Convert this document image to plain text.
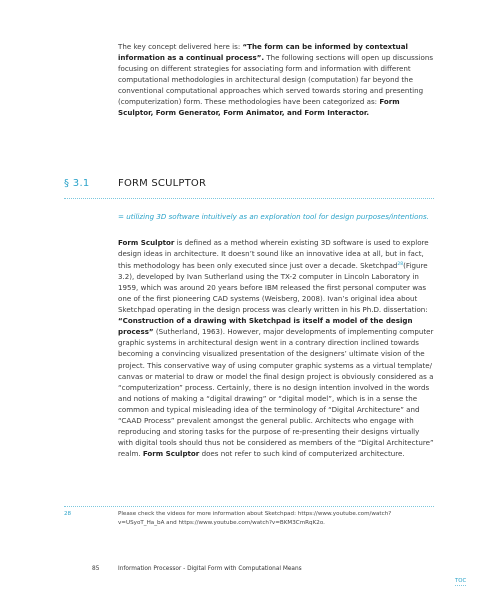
The key concept delivered here is: “The form can be informed by contextual information as a continual process”. The following sections will open up discussions focusing on different strategies for associating form and information with different computational methodologies in architectural design (computation) far beyond the conventional computational approaches which served towards storing and presenting (computerization) form. These methodologies have been categorized as: Form Sculptor, Form Generator, Form Animator, and Form Interactor.

§ 3.1	FORM SCULPTOR
= utilizing 3D software intuitively as an exploration tool for design purposes/intentions.

Form Sculptor is defined as a method wherein existing 3D software is used to explore design ideas in architecture. It doesn’t sound like an innovative idea at all, but in fact, this methodology has been only executed since just over a decade. Sketchpad$^{28}$(Figure 3.2), developed by Ivan Sutherland using the TX-2 computer in Lincoln Laboratory in 1959, which was around 20 years before IBM released the first personal computer was one of the first pioneering CAD systems (Weisberg, 2008). Ivan’s original idea about Sketchpad operating in the design process was clearly written in his Ph.D. dissertation: “Construction of a drawing with Sketchpad is itself a model of the design process” (Sutherland, 1963). However, major developments of implementing computer graphic systems in architectural design went in a contrary direction inclined towards becoming a convincing visualized presentation of the designers’ ultimate vision of the project. This conservative way of using computer graphic systems as a virtual template/ canvas or material to draw or model the final design project is obviously considered as a “computerization” process. Certainly, there is no design intention involved in the words and notions of making a “digital drawing” or “digital model”, which is in a sense the common and typical misleading idea of the terminology of “Digital Architecture” and “CAAD Process” prevalent amongst the general public. Architects who engage with reproducing and storing tasks for the purpose of re-presenting their designs virtually with digital tools should thus not be considered as members of the “Digital Architecture” realm. Form Sculptor does not refer to such kind of computerized architecture.

28	Please check the videos for more information about Sketchpad: https://www.youtube.com/watch?v=USyoT_Ha_bA and https://www.youtube.com/watch?v=BKM3CmRqK2o.
85	Information Processor - Digital Form with Computational Means
TOC
